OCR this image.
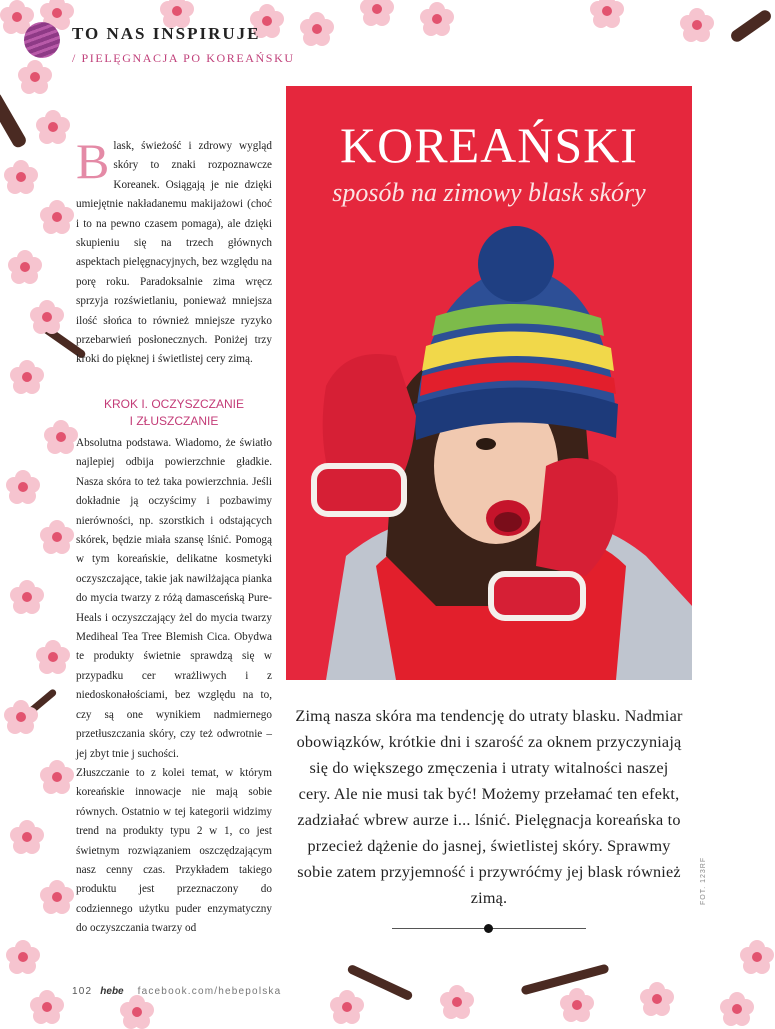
TO NAS INSPIRUJE
/ PIELĘGNACJA PO KOREAŃSKU
Blask, świeżość i zdrowy wygląd skóry to znaki rozpoznawcze Koreanek. Osiągają je nie dzięki umiejętnie nakładanemu makijażowi (choć i to na pewno czasem pomaga), ale dzięki skupieniu się na trzech głównych aspektach pielęgnacyjnych, bez względu na porę roku. Paradoksalnie zima wręcz sprzyja rozświetlaniu, ponieważ mniejsza ilość słońca to również mniejsze ryzyko przebarwień posłonecznych. Poniżej trzy kroki do pięknej i świetlistej cery zimą.
KROK I. OCZYSZCZANIE
I ZŁUSZCZANIE

Absolutna podstawa. Wiadomo, że światło najlepiej odbija powierzchnie gładkie. Nasza skóra to też taka powierzchnia. Jeśli dokładnie ją oczyścimy i pozbawimy nierówności, np. szorstkich i odstających skórek, będzie miała szansę lśnić. Pomogą w tym koreańskie, delikatne kosmetyki oczyszczające, takie jak nawilżająca pianka do mycia twarzy z różą damasceńską Pure-Heals i oczyszczający żel do mycia twarzy Mediheal Tea Tree Blemish Cica. Obydwa te produkty świetnie sprawdzą się w przypadku cer wrażliwych i z niedoskonałościami, bez względu na to, czy są one wynikiem nadmiernego przetłuszczania skóry, czy też odwrotnie – jej zbyt tnie j suchości.

Złuszczanie to z kolei temat, w którym koreańskie innowacje nie mają sobie równych. Ostatnio w tej kategorii widzimy trend na produkty typu 2 w 1, co jest świetnym rozwiązaniem oszczędzającym nasz cenny czas. Przykładem takiego produktu jest przeznaczony do codziennego użytku puder enzymatyczny do oczyszczania twarzy od

KOREAŃSKI
sposób na zimowy blask skóry
Zimą nasza skóra ma tendencję do utraty blasku. Nadmiar obowiązków, krótkie dni i szarość za oknem przyczyniają się do większego zmęczenia i utraty witalności naszej cery. Ale nie musi tak być! Możemy przełamać ten efekt, zadziałać wbrew aurze i... lśnić. Pielęgnacja koreańska to przecież dążenie do jasnej, świetlistej skóry. Sprawmy sobie zatem przyjemność i przywróćmy jej blask również zimą.	FOT. 123RF
102 hebe facebook.com/hebepolska
